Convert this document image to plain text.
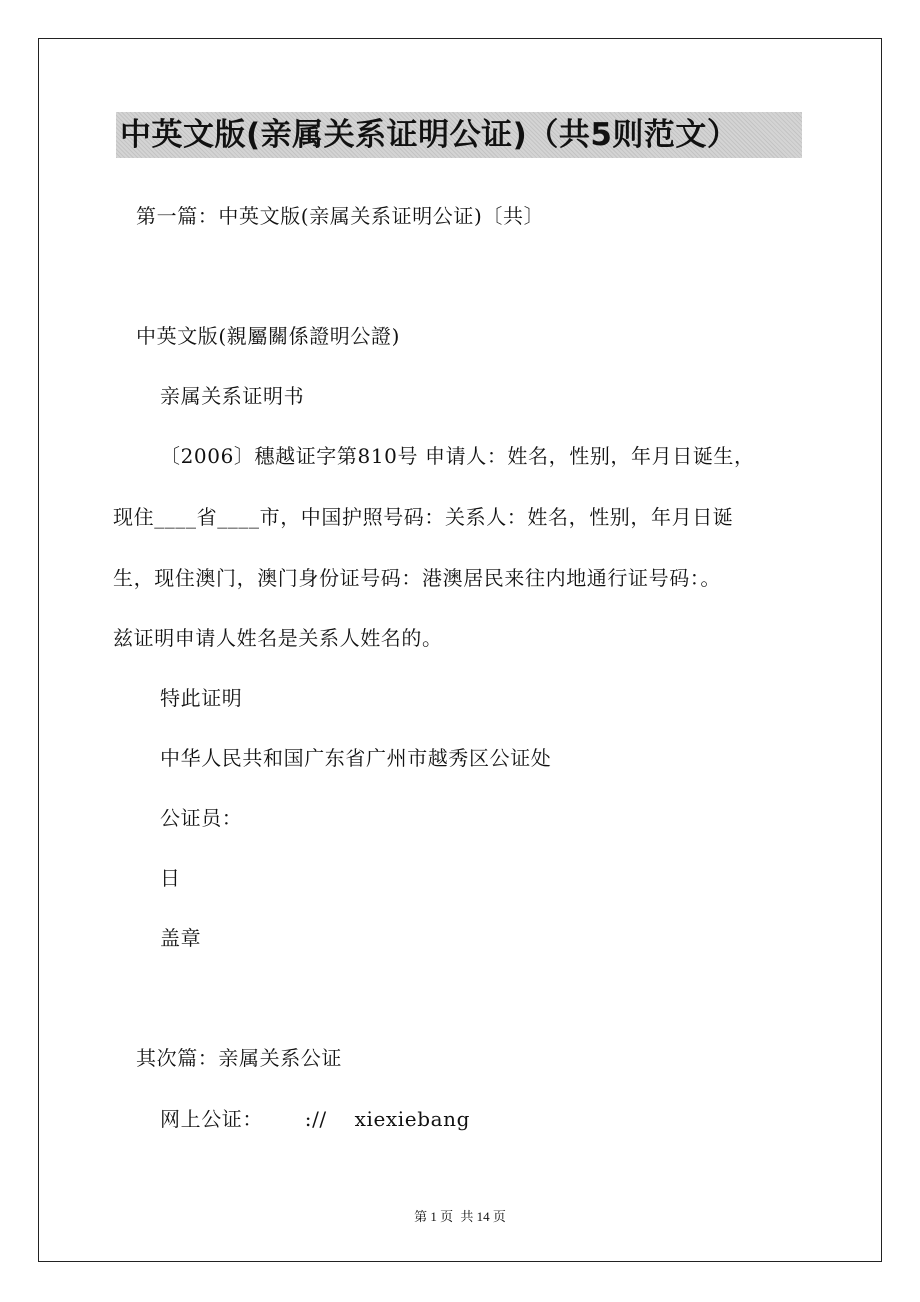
中英文版(亲属关系证明公证)（共5则范文）
第一篇：中英文版(亲属关系证明公证)〔共〕
中英文版(親屬關係證明公證)
亲属关系证明书
〔2006〕穗越证字第810号 申请人：姓名，性别，年月日诞生，
现住____省____市，中国护照号码：关系人：姓名，性别，年月日诞
生，现住澳门，澳门身份证号码：港澳居民来往内地通行证号码：。
兹证明申请人姓名是关系人姓名的。
特此证明
中华人民共和国广东省广州市越秀区公证处
公证员：
日
盖章
其次篇：亲属关系公证
网上公证：      ://    xiexiebang
第 1 页 共 14 页
